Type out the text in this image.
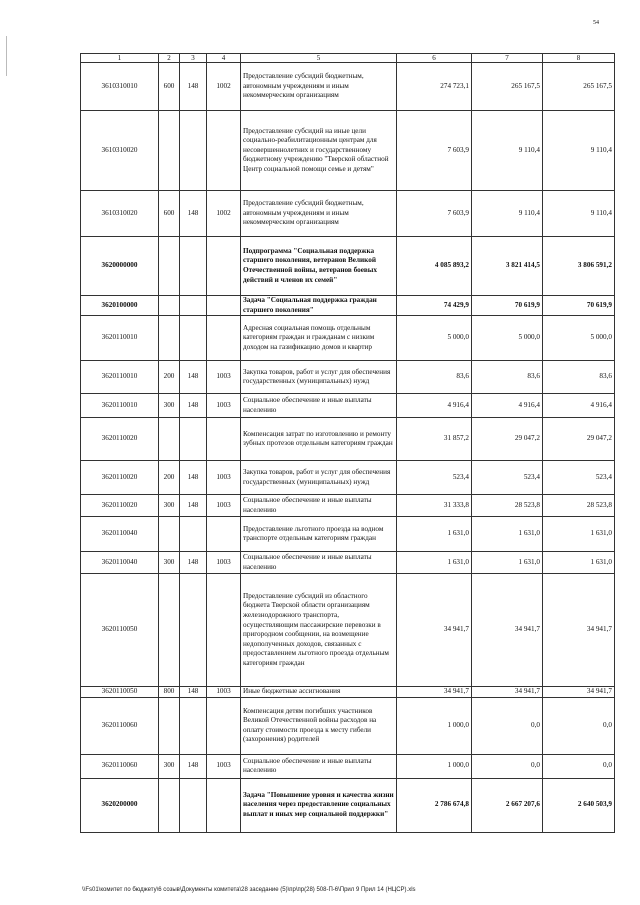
54
1	2	3	4	5	6	7	8
3610310010	600	148	1002	Предоставление субсидий бюджетным, автономным учреждениям и иным некоммерческим организациям	274 723,1	265 167,5	265 167,5
3610310020				Предоставление субсидий на иные цели социально-реабилитационным центрам для несовершеннолетних и государственному бюджетному учреждению "Тверской областной Центр социальной помощи семье и детям"	7 603,9	9 110,4	9 110,4
3610310020	600	148	1002	Предоставление субсидий бюджетным, автономным учреждениям и иным некоммерческим организациям	7 603,9	9 110,4	9 110,4
3620000000				Подпрограмма "Социальная поддержка старшего поколения, ветеранов Великой Отечественной войны, ветеранов боевых действий и членов их семей"	4 085 893,2	3 821 414,5	3 806 591,2
3620100000				Задача "Социальная поддержка граждан старшего поколения"	74 429,9	70 619,9	70 619,9
3620110010				Адресная социальная помощь отдельным категориям граждан и гражданам с низким доходом на газификацию домов и квартир	5 000,0	5 000,0	5 000,0
3620110010	200	148	1003	Закупка товаров, работ и услуг для обеспечения государственных (муниципальных) нужд	83,6	83,6	83,6
3620110010	300	148	1003	Социальное обеспечение и иные выплаты населению	4 916,4	4 916,4	4 916,4
3620110020				Компенсация затрат по изготовлению и ремонту зубных протезов отдельным категориям граждан	31 857,2	29 047,2	29 047,2
3620110020	200	148	1003	Закупка товаров, работ и услуг для обеспечения государственных (муниципальных) нужд	523,4	523,4	523,4
3620110020	300	148	1003	Социальное обеспечение и иные выплаты населению	31 333,8	28 523,8	28 523,8
3620110040				Предоставление льготного проезда на водном транспорте отдельным категориям граждан	1 631,0	1 631,0	1 631,0
3620110040	300	148	1003	Социальное обеспечение и иные выплаты населению	1 631,0	1 631,0	1 631,0
3620110050				Предоставление субсидий из областного бюджета Тверской области организациям железнодорожного транспорта, осуществляющим пассажирские перевозки в пригородном сообщении, на возмещение недополученных доходов, связанных с предоставлением льготного проезда отдельным категориям граждан	34 941,7	34 941,7	34 941,7
3620110050	800	148	1003	Иные бюджетные ассигнования	34 941,7	34 941,7	34 941,7
3620110060				Компенсация детям погибших участников Великой Отечественной войны расходов на оплату стоимости проезда к месту гибели (захоронения) родителей	1 000,0	0,0	0,0
3620110060	300	148	1003	Социальное обеспечение и иные выплаты населению	1 000,0	0,0	0,0
3620200000				Задача "Повышение уровня и качества жизни населения через предоставление социальных выплат и иных мер социальной поддержки"	2 786 674,8	2 667 207,6	2 640 503,9
\\Fs01\комитет по бюджету\6 созыв\Документы комитета\28 заседание (5)\пр\пр(28) 508-П-6\Прил 9 Прил 14 (НЦСР).xls
